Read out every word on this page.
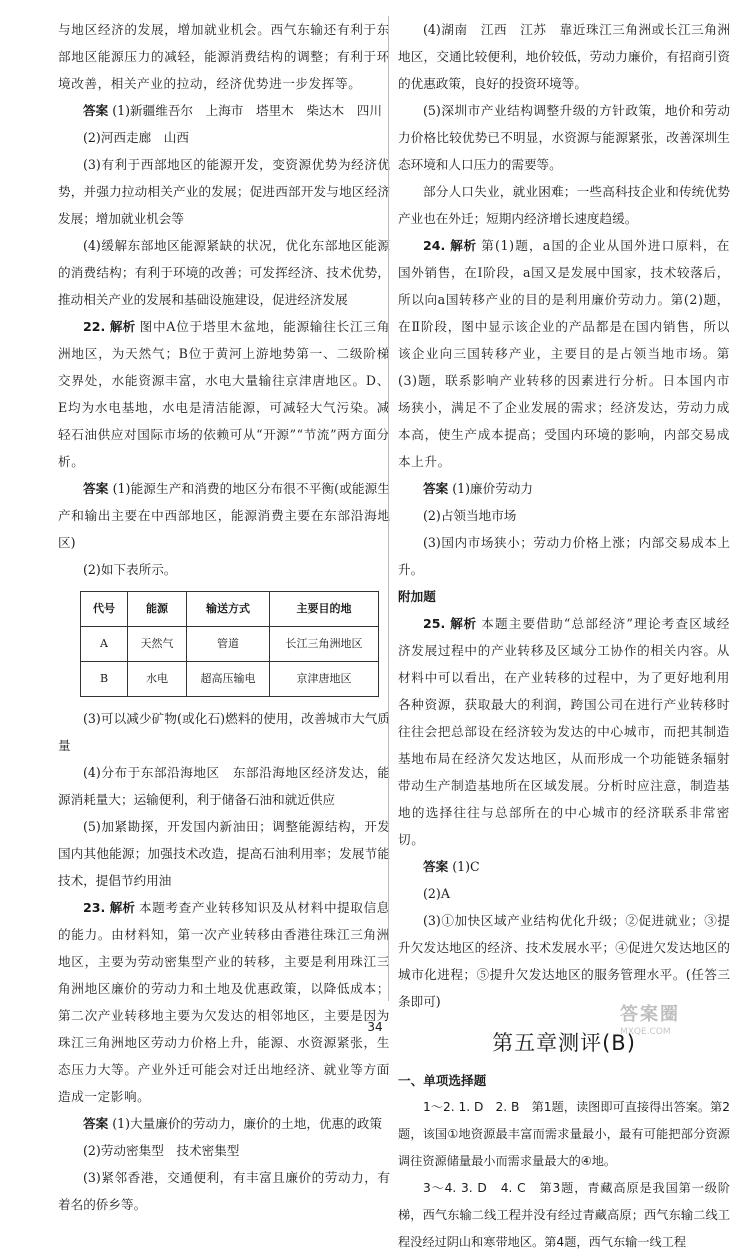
与地区经济的发展，增加就业机会。西气东输还有利于东部地区能源压力的减轻，能源消费结构的调整；有利于环境改善，相关产业的拉动，经济优势进一步发挥等。

答案 (1)新疆维吾尔　上海市　塔里木　柴达木　四川

(2)河西走廊　山西

(3)有利于西部地区的能源开发，变资源优势为经济优势，并强力拉动相关产业的发展；促进西部开发与地区经济发展；增加就业机会等

(4)缓解东部地区能源紧缺的状况，优化东部地区能源的消费结构；有利于环境的改善；可发挥经济、技术优势，推动相关产业的发展和基础设施建设，促进经济发展

22. 解析 图中A位于塔里木盆地，能源输往长江三角洲地区，为天然气；B位于黄河上游地势第一、二级阶梯交界处，水能资源丰富，水电大量输往京津唐地区。D、E均为水电基地，水电是清洁能源，可减轻大气污染。减轻石油供应对国际市场的依赖可从“开源”“节流”两方面分析。

答案 (1)能源生产和消费的地区分布很不平衡(或能源生产和输出主要在中西部地区，能源消费主要在东部沿海地区)

(2)如下表所示。

代号	能源	输送方式	主要目的地
A	天然气	管道	长江三角洲地区
B	水电	超高压输电	京津唐地区

(3)可以减少矿物(或化石)燃料的使用，改善城市大气质量

(4)分布于东部沿海地区　东部沿海地区经济发达，能源消耗量大；运输便利，利于储备石油和就近供应

(5)加紧勘探，开发国内新油田；调整能源结构，开发国内其他能源；加强技术改造，提高石油利用率；发展节能技术，提倡节约用油

23. 解析 本题考查产业转移知识及从材料中提取信息的能力。由材料知，第一次产业转移由香港往珠江三角洲地区，主要为劳动密集型产业的转移，主要是利用珠江三角洲地区廉价的劳动力和土地及优惠政策，以降低成本；第二次产业转移地主要为欠发达的相邻地区，主要是因为珠江三角洲地区劳动力价格上升，能源、水资源紧张，生态压力大等。产业外迁可能会对迁出地经济、就业等方面造成一定影响。

答案 (1)大量廉价的劳动力，廉价的土地，优惠的政策

(2)劳动密集型　技术密集型

(3)紧邻香港，交通便利，有丰富且廉价的劳动力，有着名的侨乡等。

(4)湖南　江西　江苏　靠近珠江三角洲或长江三角洲地区，交通比较便利，地价较低，劳动力廉价，有招商引资的优惠政策，良好的投资环境等。

(5)深圳市产业结构调整升级的方针政策，地价和劳动力价格比较优势已不明显，水资源与能源紧张，改善深圳生态环境和人口压力的需要等。

部分人口失业，就业困难；一些高科技企业和传统优势产业也在外迁；短期内经济增长速度趋缓。

24. 解析 第(1)题，a国的企业从国外进口原料，在国外销售，在Ⅰ阶段，a国又是发展中国家，技术较落后，所以向a国转移产业的目的是利用廉价劳动力。第(2)题，在Ⅱ阶段，图中显示该企业的产品都是在国内销售，所以该企业向三国转移产业，主要目的是占领当地市场。第(3)题，联系影响产业转移的因素进行分析。日本国内市场狭小，满足不了企业发展的需求；经济发达，劳动力成本高，使生产成本提高；受国内环境的影响，内部交易成本上升。

答案 (1)廉价劳动力

(2)占领当地市场

(3)国内市场狭小；劳动力价格上涨；内部交易成本上升。

附加题

25. 解析 本题主要借助“总部经济”理论考查区域经济发展过程中的产业转移及区域分工协作的相关内容。从材料中可以看出，在产业转移的过程中，为了更好地利用各种资源，获取最大的利润，跨国公司在进行产业转移时往往会把总部设在经济较为发达的中心城市，而把其制造基地布局在经济欠发达地区，从而形成一个功能链条辐射带动生产制造基地所在区域发展。分析时应注意，制造基地的选择往往与总部所在的中心城市的经济联系非常密切。

答案 (1)C

(2)A

(3)①加快区域产业结构优化升级；②促进就业；③提升欠发达地区的经济、技术发展水平；④促进欠发达地区的城市化进程；⑤提升欠发达地区的服务管理水平。(任答三条即可)

第五章测评(B)

一、单项选择题

1～2. 1. D　2. B　第1题，读图即可直接得出答案。第2题，该国①地资源最丰富而需求量最小，最有可能把部分资源调往资源储量最小而需求量最大的④地。

3～4. 3. D　4. C　第3题，青藏高原是我国第一级阶梯，西气东输二线工程并没有经过青藏高原；西气东输二线工程没经过阴山和寒带地区。第4题，西气东输一线工程

34
答案圈
MXQE.COM
